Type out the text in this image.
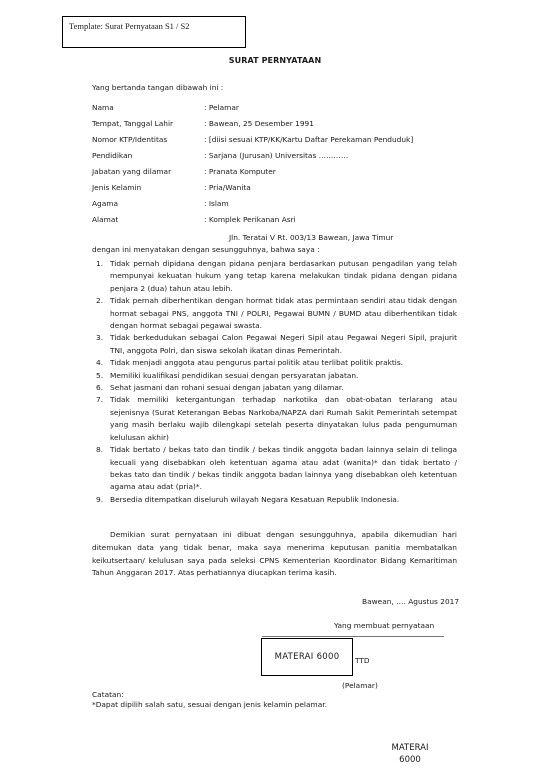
Template: Surat Pernyataan S1 / S2
SURAT PERNYATAAN
Yang bertanda tangan dibawah ini :
Nama	: Pelamar
Tempat, Tanggal Lahir	: Bawean, 25 Desember 1991
Nomor KTP/Identitas	: [diisi sesuai KTP/KK/Kartu Daftar Perekaman Penduduk]
Pendidikan	: Sarjana (Jurusan) Universitas …………
Jabatan yang dilamar	: Pranata Komputer
Jenis Kelamin	: Pria/Wanita
Agama	: Islam
Alamat	: Komplek Perikanan Asri
Jln. Teratai V Rt. 003/13 Bawean, Jawa Timur
dengan ini menyatakan dengan sesungguhnya, bahwa saya :
1. Tidak pernah dipidana dengan pidana penjara berdasarkan putusan pengadilan yang telah mempunyai kekuatan hukum yang tetap karena melakukan tindak pidana dengan pidana penjara 2 (dua) tahun atau lebih.
2. Tidak pernah diberhentikan dengan hormat tidak atas permintaan sendiri atau tidak dengan hormat sebagai PNS, anggota TNI / POLRI, Pegawai BUMN / BUMD atau diberhentikan tidak dengan hormat sebagai pegawai swasta.
3. Tidak berkedudukan sebagai Calon Pegawai Negeri Sipil atau Pegawai Negeri Sipil, prajurit TNI, anggota Polri, dan siswa sekolah ikatan dinas Pemerintah.
4. Tidak menjadi anggota atau pengurus partai politik atau terlibat politik praktis.
5. Memiliki kualifikasi pendidikan sesuai dengan persyaratan jabatan.
6. Sehat jasmani dan rohani sesuai dengan jabatan yang dilamar.
7. Tidak memiliki ketergantungan terhadap narkotika dan obat-obatan terlarang atau sejenisnya (Surat Keterangan Bebas Narkoba/NAPZA dari Rumah Sakit Pemerintah setempat yang masih berlaku wajib dilengkapi setelah peserta dinyatakan lulus pada pengumuman kelulusan akhir)
8. Tidak bertato / bekas tato dan tindik / bekas tindik anggota badan lainnya selain di telinga kecuali yang disebabkan oleh ketentuan agama atau adat (wanita)* dan tidak bertato / bekas tato dan tindik / bekas tindik anggota badan lainnya yang disebabkan oleh ketentuan agama atau adat (pria)*.
9. Bersedia ditempatkan diseluruh wilayah Negara Kesatuan Republik Indonesia.
Demikian surat pernyataan ini dibuat dengan sesungguhnya, apabila dikemudian hari ditemukan data yang tidak benar, maka saya menerima keputusan panitia membatalkan keikutsertaan/ kelulusan saya pada seleksi CPNS Kementerian Koordinator Bidang Kemaritiman Tahun Anggaran 2017. Atas perhatiannya diucapkan terima kasih.
Bawean, …. Agustus 2017
Yang membuat pernyataan
MATERAI 6000 TTD
(Pelamar)
Catatan:
*Dapat dipilih salah satu, sesuai dengan jenis kelamin pelamar.
MATERAI 6000
